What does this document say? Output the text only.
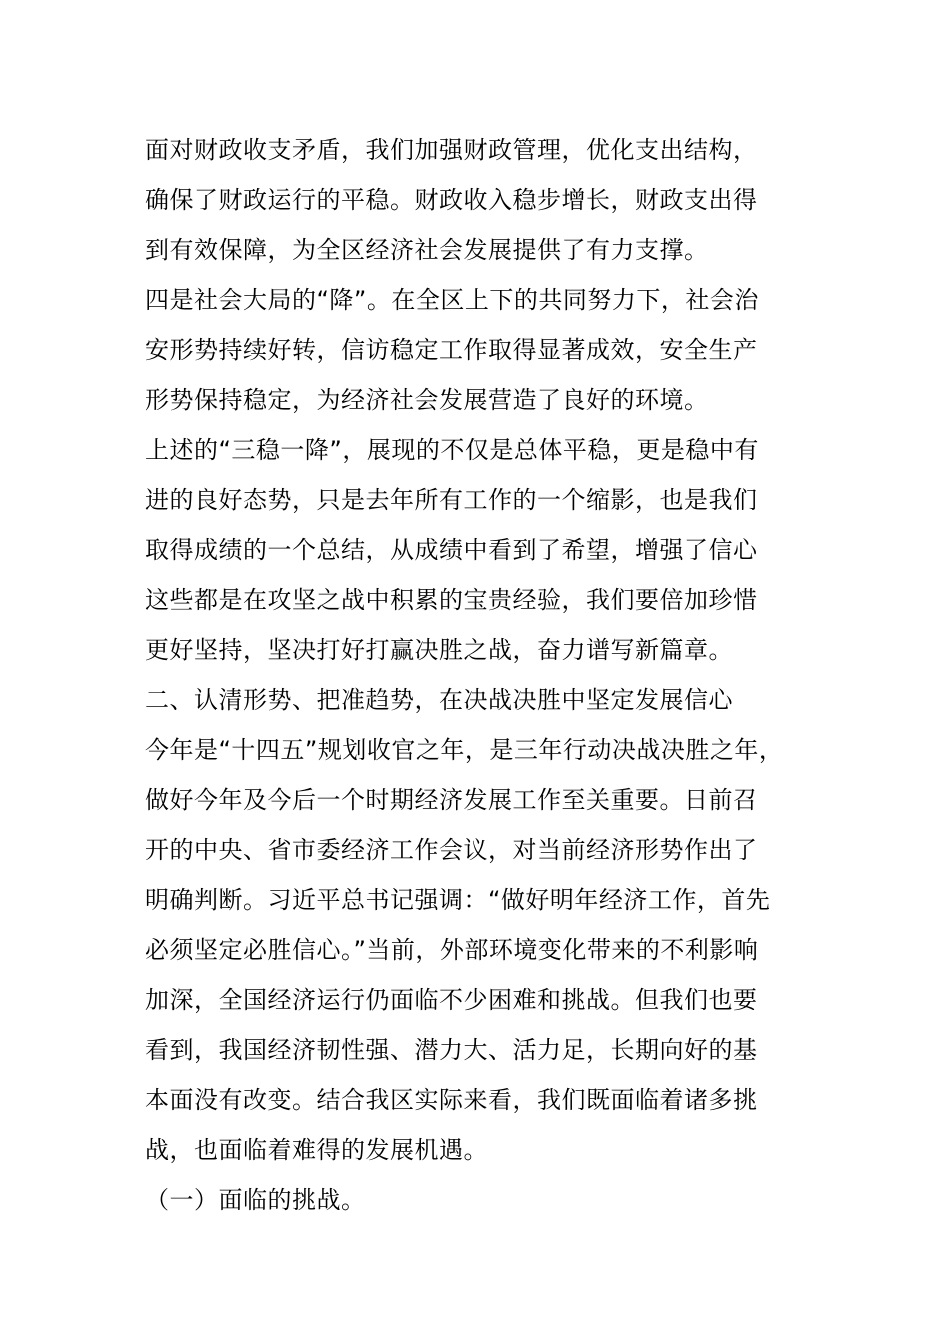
面对财政收支矛盾，我们加强财政管理，优化支出结构，
确保了财政运行的平稳。财政收入稳步增长，财政支出得
到有效保障，为全区经济社会发展提供了有力支撑。
四是社会大局的“降”。在全区上下的共同努力下，社会治
安形势持续好转，信访稳定工作取得显著成效，安全生产
形势保持稳定，为经济社会发展营造了良好的环境。
上述的“三稳一降”，展现的不仅是总体平稳，更是稳中有
进的良好态势，只是去年所有工作的一个缩影，也是我们
取得成绩的一个总结，从成绩中看到了希望，增强了信心
这些都是在攻坚之战中积累的宝贵经验，我们要倍加珍惜
更好坚持，坚决打好打赢决胜之战，奋力谱写新篇章。
二、认清形势、把准趋势，在决战决胜中坚定发展信心
今年是“十四五”规划收官之年，是三年行动决战决胜之年，
做好今年及今后一个时期经济发展工作至关重要。日前召
开的中央、省市委经济工作会议，对当前经济形势作出了
明确判断。习近平总书记强调：“做好明年经济工作，首先
必须坚定必胜信心。”当前，外部环境变化带来的不利影响
加深，全国经济运行仍面临不少困难和挑战。但我们也要
看到，我国经济韧性强、潜力大、活力足，长期向好的基
本面没有改变。结合我区实际来看，我们既面临着诸多挑
战，也面临着难得的发展机遇。
（一）面临的挑战。
